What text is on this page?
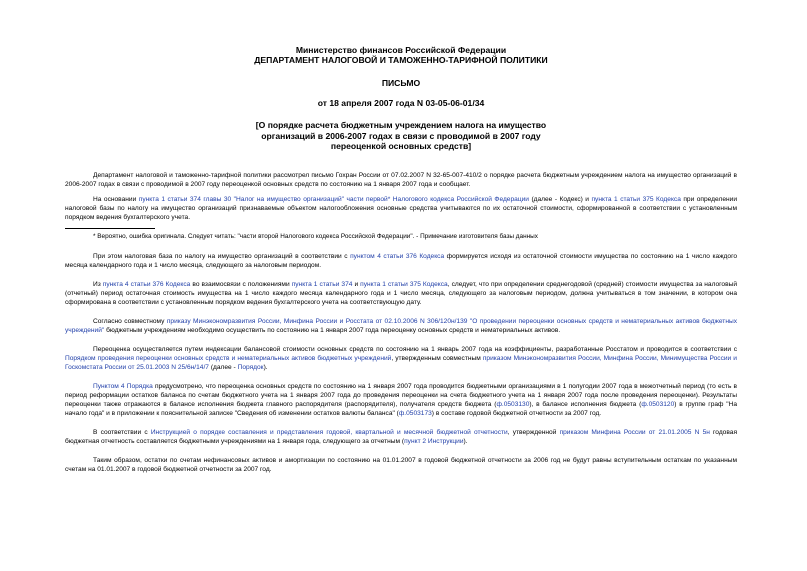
Министерство финансов Российской Федерации
ДЕПАРТАМЕНТ НАЛОГОВОЙ И ТАМОЖЕННО-ТАРИФНОЙ ПОЛИТИКИ
ПИСЬМО
от 18 апреля 2007 года N 03-05-06-01/34
[О порядке расчета бюджетным учреждением налога на имущество
организаций в 2006-2007 годах в связи с проводимой в 2007 году
переоценкой основных средств]

Департамент налоговой и таможенно-тарифной политики рассмотрел письмо Гохран России от 07.02.2007 N 32-65-007-410/2 о порядке расчета бюджетным учреждением налога на имущество организаций в 2006-2007 годах в связи с проводимой в 2007 году переоценкой основных средств по состоянию на 1 января 2007 года и сообщает.

На основании пункта 1 статьи 374 главы 30 "Налог на имущество организаций" части первой* Налогового кодекса Российской Федерации (далее - Кодекс) и пункта 1 статьи 375 Кодекса при определении налоговой базы по налогу на имущество организаций признаваемые объектом налогообложения основные средства учитываются по их остаточной стоимости, сформированной в соответствии с установленным порядком ведения бухгалтерского учета.

* Вероятно, ошибка оригинала. Следует читать: "части второй Налогового кодекса Российской Федерации". - Примечание изготовителя базы данных

При этом налоговая база по налогу на имущество организаций в соответствии с пунктом 4 статьи 376 Кодекса формируется исходя из остаточной стоимости имущества по состоянию на 1 число каждого месяца календарного года и 1 число месяца, следующего за налоговым периодом.

Из пункта 4 статьи 376 Кодекса во взаимосвязи с положениями пункта 1 статьи 374 и пункта 1 статьи 375 Кодекса, следует, что при определении среднегодовой (средней) стоимости имущества за налоговый (отчетный) период остаточная стоимость имущества на 1 число каждого месяца календарного года и 1 число месяца, следующего за налоговым периодом, должна учитываться в том значении, в котором она сформирована в соответствии с установленным порядком ведения бухгалтерского учета на соответствующую дату.

Согласно совместному приказу Минэкономразвития России, Минфина России и Росстата от 02.10.2006 N 306/120н/139 "О проведении переоценки основных средств и нематериальных активов бюджетных учреждений" бюджетным учреждениям необходимо осуществить по состоянию на 1 января 2007 года переоценку основных средств и нематериальных активов.

Переоценка осуществляется путем индексации балансовой стоимости основных средств по состоянию на 1 январь 2007 года на коэффициенты, разработанные Росстатом и проводится в соответствии с Порядком проведения переоценки основных средств и нематериальных активов бюджетных учреждений, утвержденным совместным приказом Минэкономразвития России, Минфина России, Минимущества России и Госкомстата России от 25.01.2003 N 25/6н/14/7 (далее - Порядок).

Пунктом 4 Порядка предусмотрено, что переоценка основных средств по состоянию на 1 января 2007 года проводится бюджетными организациями в 1 полугодии 2007 года в межотчетный период (то есть в период реформации остатков баланса по счетам бюджетного учета на 1 января 2007 года до проведения переоценки на счета бюджетного учета на 1 января 2007 года после проведения переоценки). Результаты переоценки также отражаются в балансе исполнения бюджета главного распорядителя (распорядителя), получателя средств бюджета (ф.0503130), в балансе исполнения бюджета (ф.0503120) в группе граф "На начало года" и в приложении к пояснительной записке "Сведения об изменении остатков валюты баланса" (ф.0503173) в составе годовой бюджетной отчетности за 2007 год.

В соответствии с Инструкцией о порядке составления и представления годовой, квартальной и месячной бюджетной отчетности, утвержденной приказом Минфина России от 21.01.2005 N 5н годовая бюджетная отчетность составляется бюджетными учреждениями на 1 января года, следующего за отчетным (пункт 2 Инструкции).

Таким образом, остатки по счетам нефинансовых активов и амортизации по состоянию на 01.01.2007 в годовой бюджетной отчетности за 2006 год не будут равны вступительным остаткам по указанным счетам на 01.01.2007 в годовой бюджетной отчетности за 2007 год.
